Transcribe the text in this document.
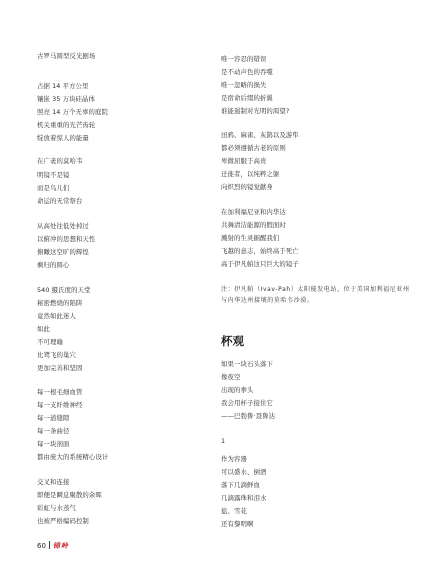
古罗马圆型反光剧场
占据 14 平方公里
镶嵌 35 万块硅晶体
照亮 14 万个无辜的庭院
机关重重的光芒齿轮
绽放着惊人的能量
在广袤的莫哈韦
明镜不是镜
而是鸟儿们
命运的无常祭台
从高处往低处掉过
以俯冲的思想和天性
俯瞰这空旷的辉煌
剩归的圆心
540 摄氏度的天堂
秘密燃烧的陷阱
竟然如此迷人
如此
不可理喻
比鸳飞的巢穴
更加完善和坚固
每一根毛细血管
每一支纤维神经
每一道缝隙
每一条曲径
每一块剖面
都由庞大的系统精心设计
交叉和连接
即便是瞬息聚散的余晖
彩虹与水蒸气
也被严格编码控制
唯一容忍的错误
是不动声色的吞噬
唯一忽略的损失
是宿命后缀的折翼
谁能遏制对光明的渴望?
田鸦、麻雀、灰鹊以及游隼
都必须遵循古老的原则
卑微屈服于高贵
迁徙者，以纯粹之躯
向炽烈的镜觉献身
在加利福尼亚和内华达
共舞清洁能源的假面时
溅射的生灵掘醒我们
飞越的意志，始终高于死亡
高于伊凡帕这只巨大的镜子
注：伊凡帕（Ivav-Pah）太阳能发电站，位于美国加利福尼亚州与内华达州接壤的莫哈韦沙漠。
杯观
如果一块石头落下
像夜空
出现的拳头
我会用杯子接住它
——巴勃鲁·聂鲁达
1
作为容器
可以盛水、倒酒
落下几滴鲜血
几滴露珠和泪水
盐、雪花
还有黎明啊
60 锦岭
